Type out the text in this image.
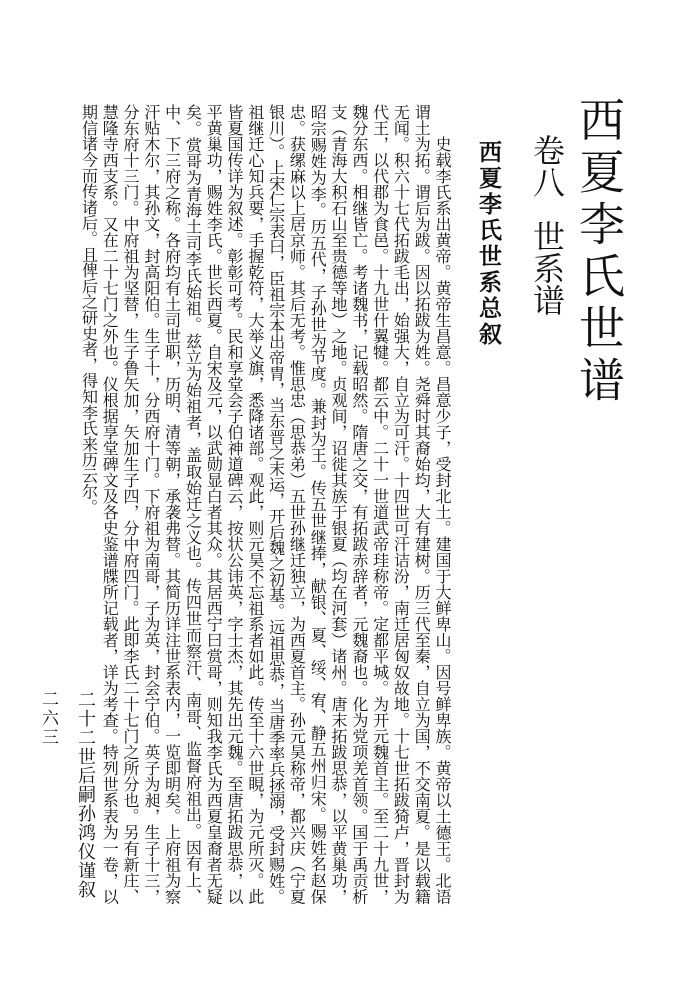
西夏李氏世谱
卷八世系谱
西夏李氏世系总叙

史载李氏系出黄帝。黄帝生昌意。昌意少子，受封北土。建国于大鲜卑山。因号鲜卑族。黄帝以土德王。北语谓土为拓。谓后为跋。因以拓跋为姓。尧舜时其裔始均，大有建树。历三代至秦，自立为国，不交南夏。是以载籍无闻。积六十七代拓跋毛出，始强大，自立为可汗。十四世可汗诘汾，南迁居匈奴故地。十七世拓跋猗卢，晋封为代王，以代郡为食邑。十九世什翼犍。都云中。二十一世道武帝珪称帝。定都平城。为开元魏首主。至二十九世，魏分东西。相继皆亡。考诸魏书，记载昭然。隋唐之交，有拓跋赤辞者，元魏裔也。化为党项羌首领。国于禹贡析支（青海大积石山至贵德等地）之地。贞观间，诏徙其族于银夏（均在河套）诸州。唐末拓跋思恭，以平黄巢功，昭宗赐姓为李。历五代，子孙世为节度。兼封为王。传五世继捧，献银、夏、绥、宥、静五州归宋。赐姓名赵保忠。获缧麻以上居京师。其后无考。惟思忠（思恭弟）五世孙继迁独立，为西夏首主。孙元昊称帝，都兴庆（宁夏银川）。上宋仁宗表曰，臣祖宗本出帝胄，当东晋之末运，开后魏之初基。远祖思恭，当唐季率兵拯溺，受封赐姓。祖继迁心知兵要，手握乾符，大举义旗，悉降诸部。观此，则元昊不忘祖系者如此。传至十六世睍，为元所灭。此皆夏国传详为叙述。彰彰可考。民和享堂会子伯神道碑云，按状公讳英，字士杰，其先出元魏。至唐拓跋思恭，以平黄巢功，赐姓李氏。世长西夏。自宋及元，以武勋显白者其众。其居西宁曰赏哥，则知我李氏为西夏皇裔者无疑矣。赏哥为青海土司李氏始祖。兹立为始祖者，盖取始迁之义也。传四世而察汗、南哥、监督府祖出。因有上、中、下三府之称。各府均有土司世职，历明、清等朝，承袭弗替。其简历详注世系表内，一览即明矣。上府祖为察汗贴木尔，其孙文，封高阳伯。生子十，分西府十门。下府祖为南哥，子为英，封会宁伯。英子为昶，生子十三，分东府十三门。中府祖为坚替，生子鲁矢加，矢加生子四，分中府四门。此即李氏二十七门之所分也。另有新庄、慧隆寺西支系。又在二十七门之外也。仪根据享堂碑文及各史鉴谱牒所记载者，详为考查。特列世系表为一卷，以期信诸今而传诸后。且俾后之研史者，得知李氏来历云尔。

二十二世后嗣孙鸿仪谨叙
二六三
